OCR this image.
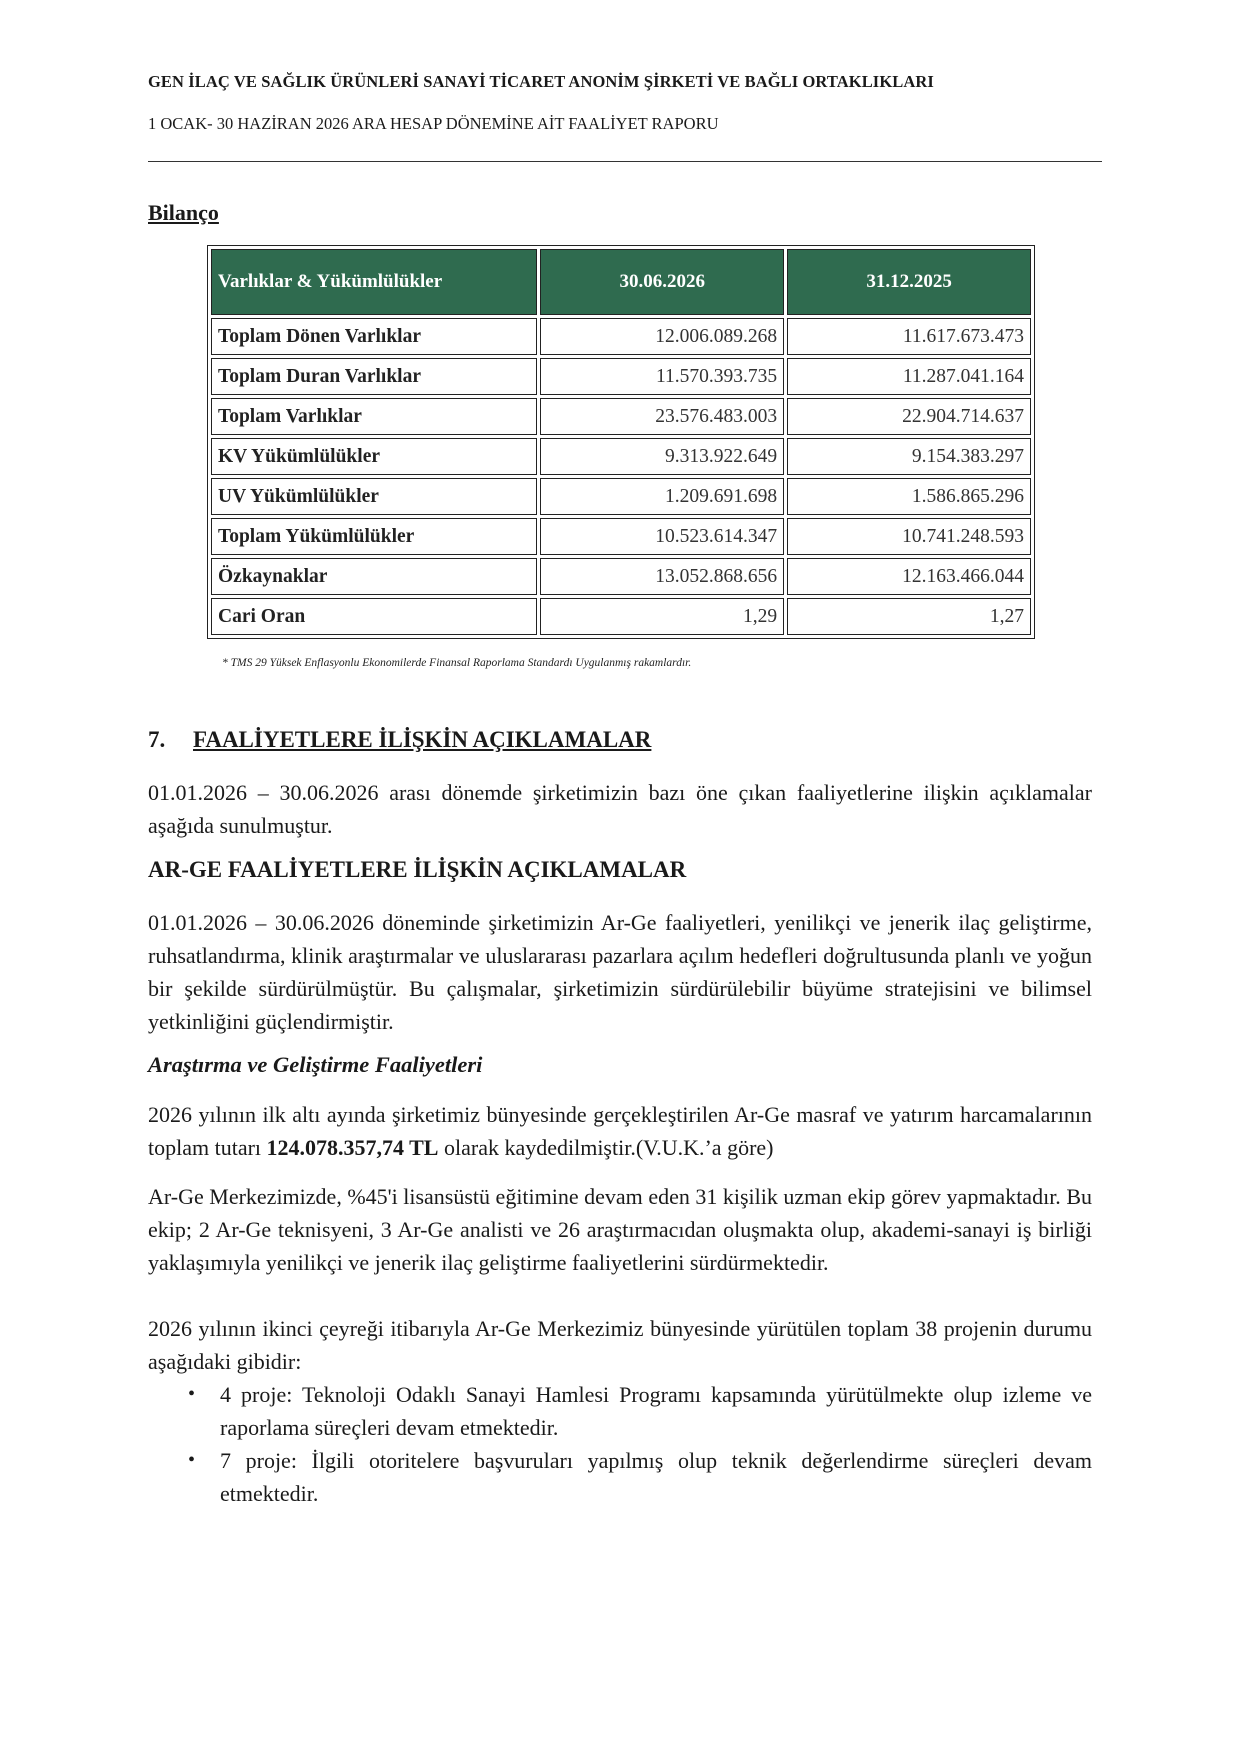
GEN İLAÇ VE SAĞLIK ÜRÜNLERİ SANAYİ TİCARET ANONİM ŞİRKETİ VE BAĞLI ORTAKLIKLARI
1 OCAK- 30 HAZİRAN 2026 ARA HESAP DÖNEMİNE AİT FAALİYET RAPORU
Bilanço
Varlıklar & Yükümlülükler	30.06.2026	31.12.2025
Toplam Dönen Varlıklar	12.006.089.268	11.617.673.473
Toplam Duran Varlıklar	11.570.393.735	11.287.041.164
Toplam Varlıklar	23.576.483.003	22.904.714.637
KV Yükümlülükler	9.313.922.649	9.154.383.297
UV Yükümlülükler	1.209.691.698	1.586.865.296
Toplam Yükümlülükler	10.523.614.347	10.741.248.593
Özkaynaklar	13.052.868.656	12.163.466.044
Cari Oran	1,29	1,27
* TMS 29 Yüksek Enflasyonlu Ekonomilerde Finansal Raporlama Standardı Uygulanmış rakamlardır.
7. FAALİYETLERE İLİŞKİN AÇIKLAMALAR

01.01.2026 – 30.06.2026 arası dönemde şirketimizin bazı öne çıkan faaliyetlerine ilişkin açıklamalar aşağıda sunulmuştur.

AR-GE FAALİYETLERE İLİŞKİN AÇIKLAMALAR

01.01.2026 – 30.06.2026 döneminde şirketimizin Ar-Ge faaliyetleri, yenilikçi ve jenerik ilaç geliştirme, ruhsatlandırma, klinik araştırmalar ve uluslararası pazarlara açılım hedefleri doğrultusunda planlı ve yoğun bir şekilde sürdürülmüştür. Bu çalışmalar, şirketimizin sürdürülebilir büyüme stratejisini ve bilimsel yetkinliğini güçlendirmiştir.

Araştırma ve Geliştirme Faaliyetleri

2026 yılının ilk altı ayında şirketimiz bünyesinde gerçekleştirilen Ar-Ge masraf ve yatırım harcamalarının toplam tutarı 124.078.357,74 TL olarak kaydedilmiştir.(V.U.K.’a göre)

Ar-Ge Merkezimizde, %45'i lisansüstü eğitimine devam eden 31 kişilik uzman ekip görev yapmaktadır. Bu ekip; 2 Ar-Ge teknisyeni, 3 Ar-Ge analisti ve 26 araştırmacıdan oluşmakta olup, akademi-sanayi iş birliği yaklaşımıyla yenilikçi ve jenerik ilaç geliştirme faaliyetlerini sürdürmektedir.

2026 yılının ikinci çeyreği itibarıyla Ar-Ge Merkezimiz bünyesinde yürütülen toplam 38 projenin durumu aşağıdaki gibidir:

• 4 proje: Teknoloji Odaklı Sanayi Hamlesi Programı kapsamında yürütülmekte olup izleme ve raporlama süreçleri devam etmektedir.
• 7 proje: İlgili otoritelere başvuruları yapılmış olup teknik değerlendirme süreçleri devam etmektedir.
